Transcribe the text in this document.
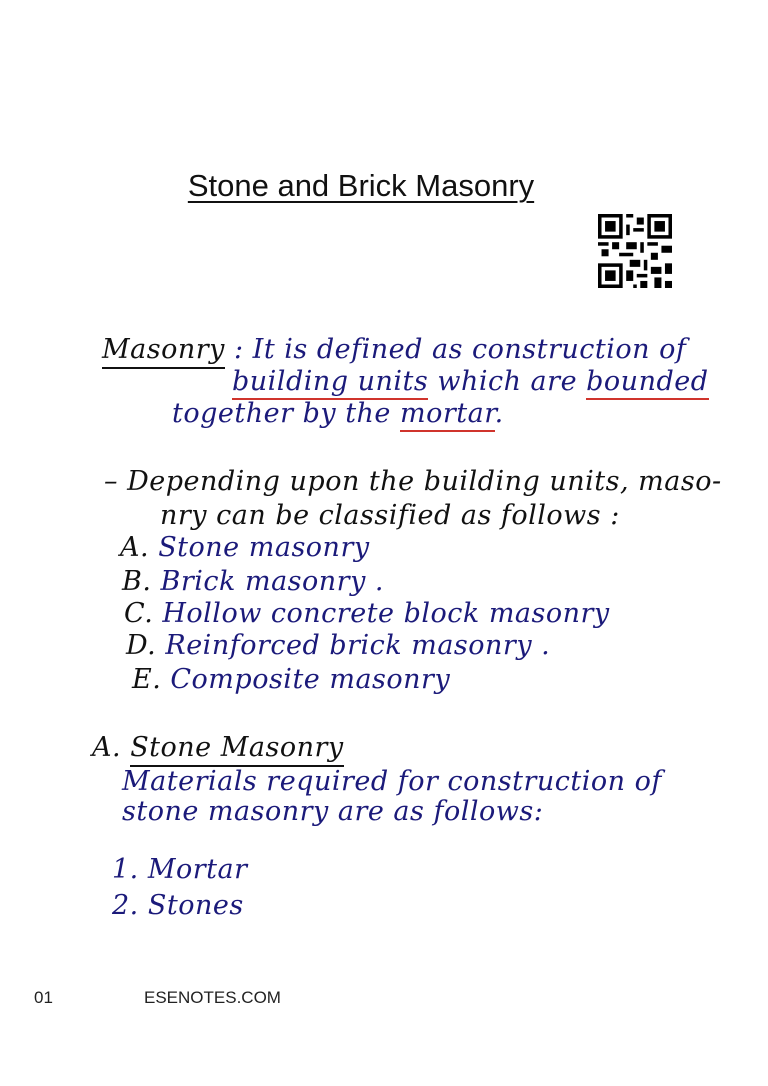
Stone and Brick Masonry
Masonry : It is defined as construction of
building units which are bounded
together by the mortar.
– Depending upon the building units, maso-
nry can be classified as follows :
A. Stone masonry
B. Brick masonry .
C. Hollow concrete block masonry
D. Reinforced brick masonry .
E. Composite masonry
A. Stone Masonry
Materials required for construction of
stone masonry are as follows:
1. Mortar
2. Stones
01	ESENOTES.COM
